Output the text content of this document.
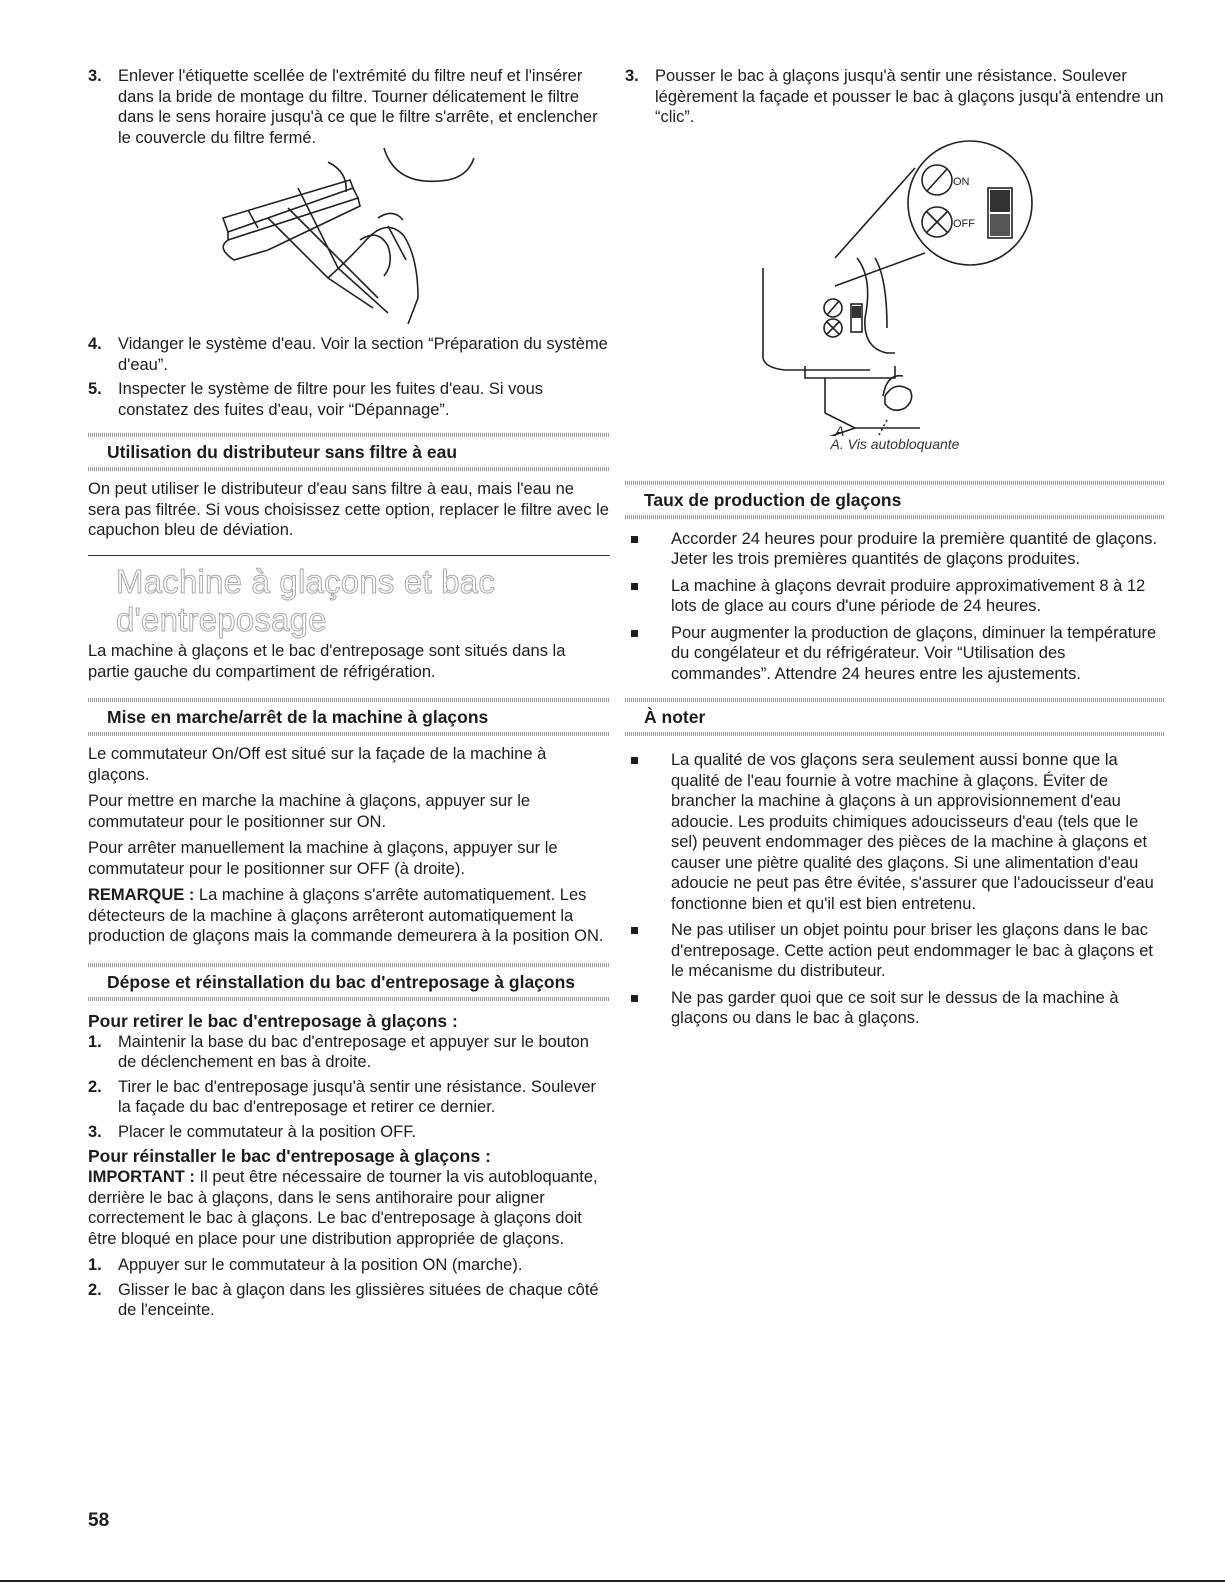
3. Enlever l'étiquette scellée de l'extrémité du filtre neuf et l'insérer dans la bride de montage du filtre. Tourner délicatement le filtre dans le sens horaire jusqu'à ce que le filtre s'arrête, et enclencher le couvercle du filtre fermé.
4. Vidanger le système d'eau. Voir la section “Préparation du système d'eau”.
5. Inspecter le système de filtre pour les fuites d'eau. Si vous constatez des fuites d'eau, voir “Dépannage”.
Utilisation du distributeur sans filtre à eau

On peut utiliser le distributeur d'eau sans filtre à eau, mais l'eau ne sera pas filtrée. Si vous choisissez cette option, replacer le filtre avec le capuchon bleu de déviation.

Machine à glaçons et bac d'entreposage

La machine à glaçons et le bac d'entreposage sont situés dans la partie gauche du compartiment de réfrigération.

Mise en marche/arrêt de la machine à glaçons

Le commutateur On/Off est situé sur la façade de la machine à glaçons.

Pour mettre en marche la machine à glaçons, appuyer sur le commutateur pour le positionner sur ON.

Pour arrêter manuellement la machine à glaçons, appuyer sur le commutateur pour le positionner sur OFF (à droite).

REMARQUE : La machine à glaçons s'arrête automatiquement. Les détecteurs de la machine à glaçons arrêteront automatiquement la production de glaçons mais la commande demeurera à la position ON.

Dépose et réinstallation du bac d'entreposage à glaçons
Pour retirer le bac d'entreposage à glaçons :
1. Maintenir la base du bac d'entreposage et appuyer sur le bouton de déclenchement en bas à droite.
2. Tirer le bac d'entreposage jusqu'à sentir une résistance. Soulever la façade du bac d'entreposage et retirer ce dernier.
3. Placer le commutateur à la position OFF.
Pour réinstaller le bac d'entreposage à glaçons :

IMPORTANT : Il peut être nécessaire de tourner la vis autobloquante, derrière le bac à glaçons, dans le sens antihoraire pour aligner correctement le bac à glaçons. Le bac d'entreposage à glaçons doit être bloqué en place pour une distribution appropriée de glaçons.

1. Appuyer sur le commutateur à la position ON (marche).
2. Glisser le bac à glaçon dans les glissières situées de chaque côté de l'enceinte.
3. Pousser le bac à glaçons jusqu'à sentir une résistance. Soulever légèrement la façade et pousser le bac à glaçons jusqu'à entendre un “clic”.
ON
OFF
A
A. Vis autobloquante
Taux de production de glaçons
Accorder 24 heures pour produire la première quantité de glaçons. Jeter les trois premières quantités de glaçons produites.
La machine à glaçons devrait produire approximativement 8 à 12 lots de glace au cours d'une période de 24 heures.
Pour augmenter la production de glaçons, diminuer la température du congélateur et du réfrigérateur. Voir “Utilisation des commandes”. Attendre 24 heures entre les ajustements.
À noter
La qualité de vos glaçons sera seulement aussi bonne que la qualité de l'eau fournie à votre machine à glaçons. Éviter de brancher la machine à glaçons à un approvisionnement d'eau adoucie. Les produits chimiques adoucisseurs d'eau (tels que le sel) peuvent endommager des pièces de la machine à glaçons et causer une piètre qualité des glaçons. Si une alimentation d'eau adoucie ne peut pas être évitée, s'assurer que l'adoucisseur d'eau fonctionne bien et qu'il est bien entretenu.
Ne pas utiliser un objet pointu pour briser les glaçons dans le bac d'entreposage. Cette action peut endommager le bac à glaçons et le mécanisme du distributeur.
Ne pas garder quoi que ce soit sur le dessus de la machine à glaçons ou dans le bac à glaçons.
58
